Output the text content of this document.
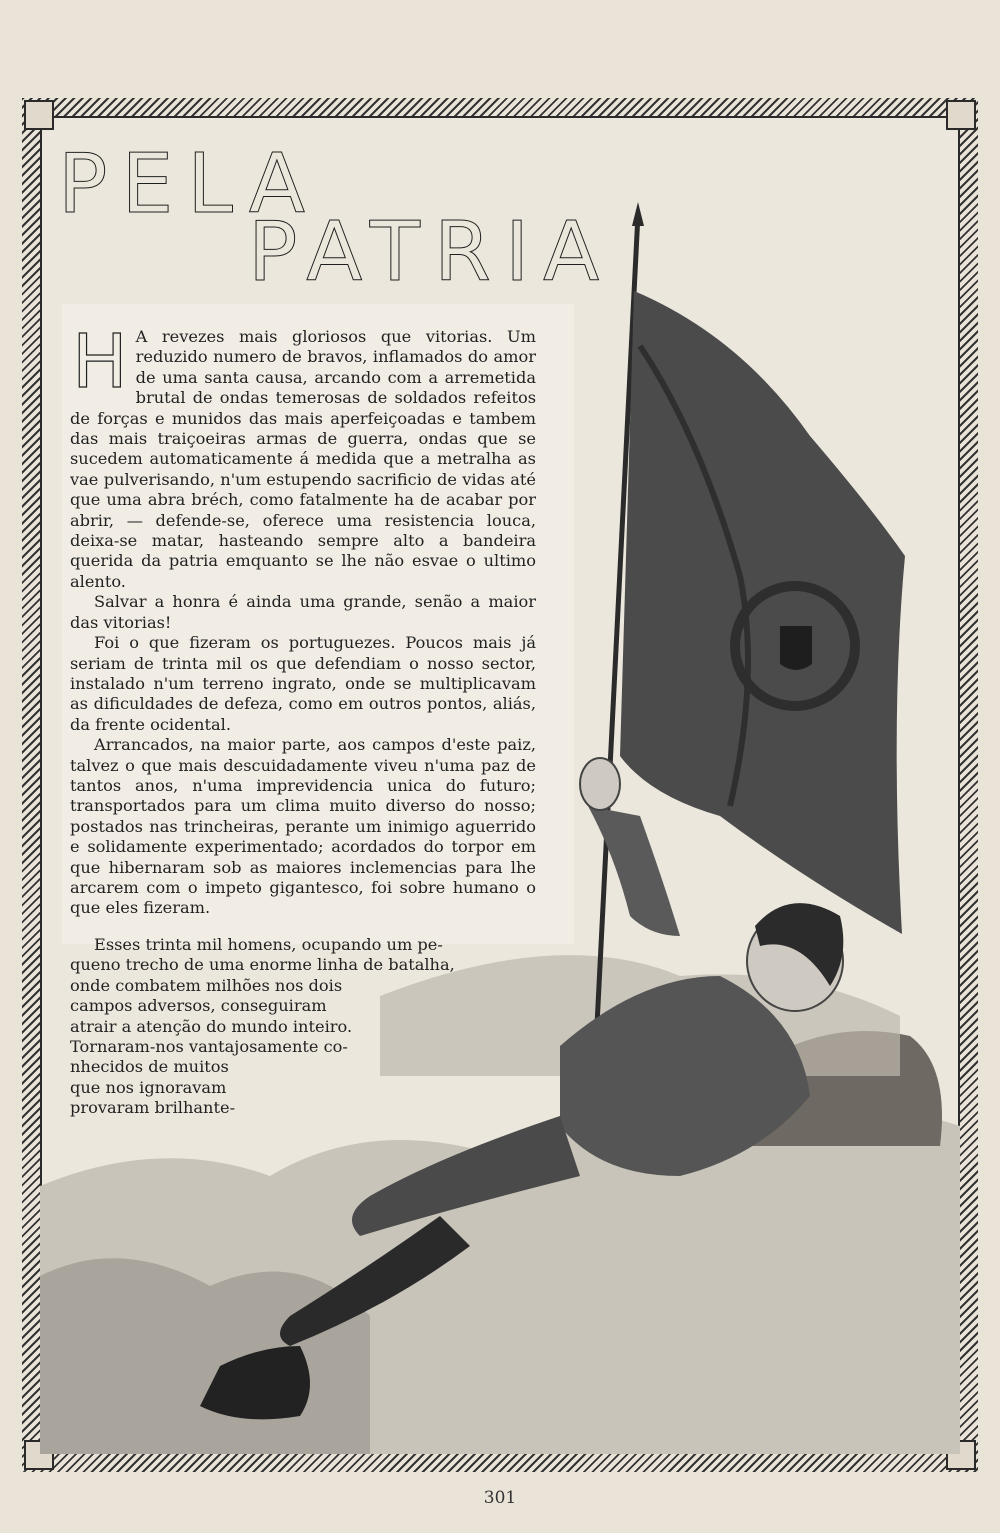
PELA
PATRIA

H A revezes mais gloriosos que vitorias. Um reduzido numero de bravos, inflamados do amor de uma santa causa, arcando com a arremetida brutal de ondas temerosas de soldados refeitos de forças e munidos das mais aperfeiçoadas e tambem das mais traiçoeiras armas de guerra, ondas que se sucedem automaticamente á medida que a metralha as vae pulverisando, n'um estupendo sacrificio de vidas até que uma abra bréch, como fatalmente ha de acabar por abrir, — defende-se, oferece uma resistencia louca, deixa-se matar, hasteando sempre alto a bandeira querida da patria emquanto se lhe não esvae o ultimo alento.

Salvar a honra é ainda uma grande, senão a maior das vitorias!

Foi o que fizeram os portuguezes. Poucos mais já seriam de trinta mil os que defendiam o nosso sector, instalado n'um terreno ingrato, onde se multiplicavam as dificuldades de defeza, como em outros pontos, aliás, da frente ocidental.

Arrancados, na maior parte, aos campos d'este paiz, talvez o que mais descuidadamente viveu n'uma paz de tantos anos, n'uma imprevidencia unica do futuro; transportados para um clima muito diverso do nosso; postados nas trincheiras, perante um inimigo aguerrido e solidamente experimentado; acordados do torpor em que hibernaram sob as maiores inclemencias para lhe arcarem com o impeto gigantesco, foi sobre humano o que eles fizeram.

Esses trinta mil homens, ocupando um pe-
queno trecho de uma enorme linha de batalha,
onde combatem milhões nos dois
campos adversos, conseguiram
atrair a atenção do mundo inteiro.
Tornaram-nos vantajosamente co-
nhecidos de muitos
que nos ignoravam
provaram brilhante-
301
